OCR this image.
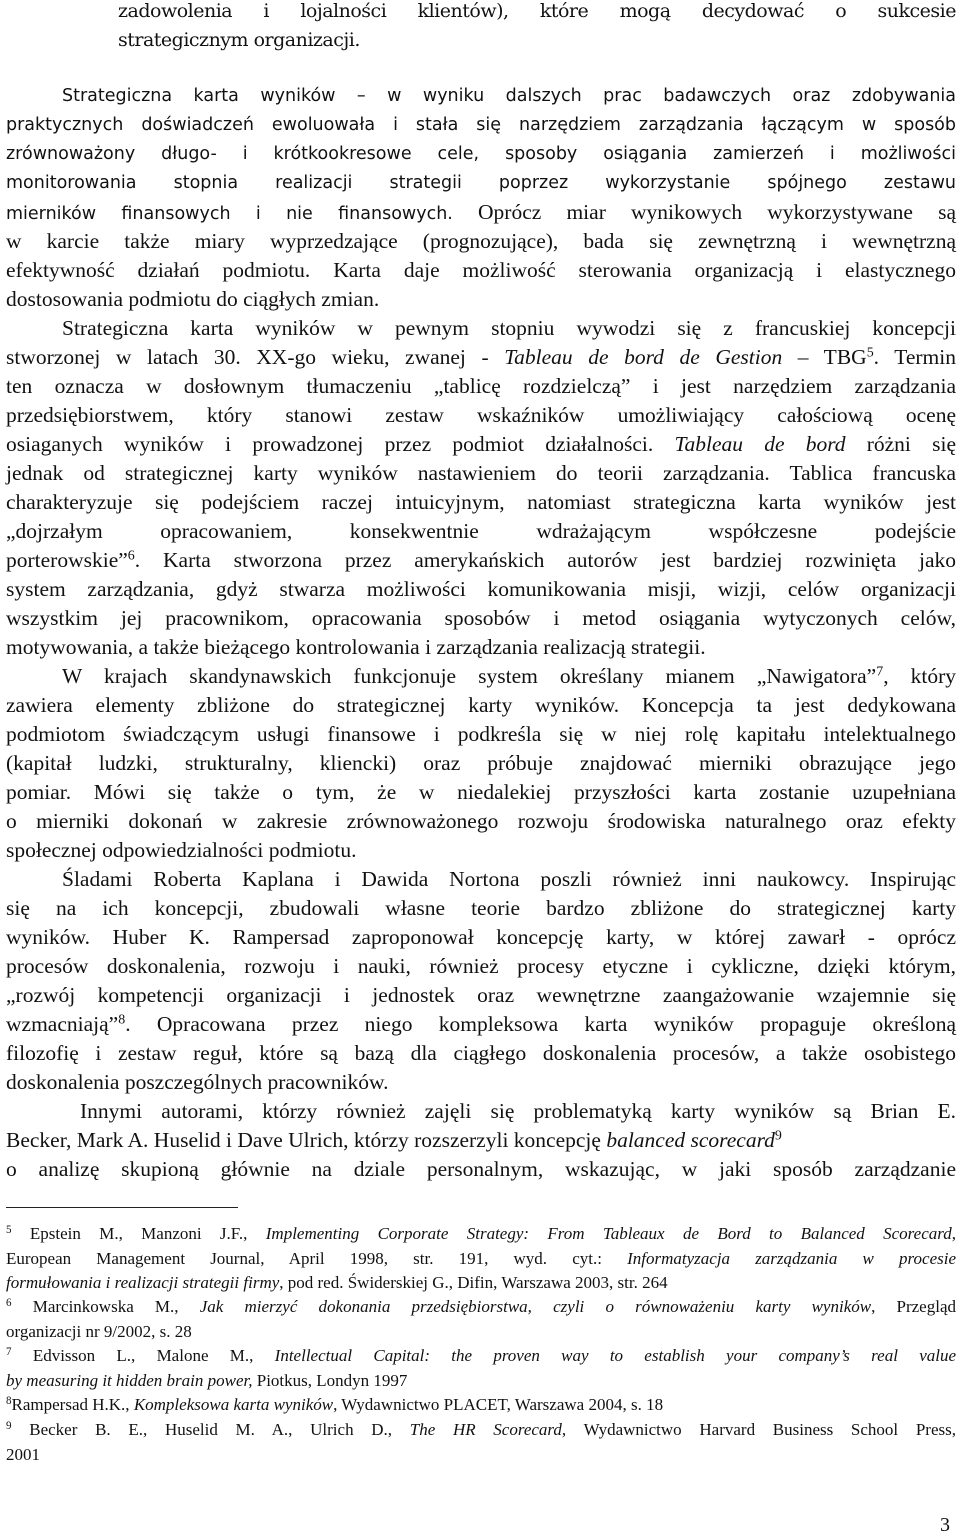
zadowolenia i lojalności klientów), które mogą decydować o sukcesie
strategicznym organizacji.
Strategiczna karta wyników – w wyniku dalszych prac badawczych oraz zdobywania
praktycznych doświadczeń ewoluowała i stała się narzędziem zarządzania łączącym w sposób
zrównoważony długo- i krótkookresowe cele, sposoby osiągania zamierzeń i możliwości
monitorowania stopnia realizacji strategii poprzez wykorzystanie spójnego zestawu
mierników finansowych i nie finansowych. Oprócz miar wynikowych wykorzystywane są
w karcie także miary wyprzedzające (prognozujące), bada się zewnętrzną i wewnętrzną
efektywność działań podmiotu. Karta daje możliwość sterowania organizacją i elastycznego
dostosowania podmiotu do ciągłych zmian.
Strategiczna karta wyników w pewnym stopniu wywodzi się z francuskiej koncepcji
stworzonej w latach 30. XX-go wieku, zwanej - Tableau de bord de Gestion – TBG$^5$. Termin
ten oznacza w dosłownym tłumaczeniu „tablicę rozdzielczą” i jest narzędziem zarządzania
przedsiębiorstwem, który stanowi zestaw wskaźników umożliwiający całościową ocenę
osiaganych wyników i prowadzonej przez podmiot działalności. Tableau de bord różni się
jednak od strategicznej karty wyników nastawieniem do teorii zarządzania. Tablica francuska
charakteryzuje się podejściem raczej intuicyjnym, natomiast strategiczna karta wyników jest
„dojrzałym opracowaniem, konsekwentnie wdrażającym współczesne podejście
porterowskie”$^6$. Karta stworzona przez amerykańskich autorów jest bardziej rozwinięta jako
system zarządzania, gdyż stwarza możliwości komunikowania misji, wizji, celów organizacji
wszystkim jej pracownikom, opracowania sposobów i metod osiągania wytyczonych celów,
motywowania, a także bieżącego kontrolowania i zarządzania realizacją strategii.
W krajach skandynawskich funkcjonuje system określany mianem „Nawigatora”$^7$, który
zawiera elementy zbliżone do strategicznej karty wyników. Koncepcja ta jest dedykowana
podmiotom świadczącym usługi finansowe i podkreśla się w niej rolę kapitału intelektualnego
(kapitał ludzki, strukturalny, kliencki) oraz próbuje znajdować mierniki obrazujące jego
pomiar. Mówi się także o tym, że w niedalekiej przyszłości karta zostanie uzupełniana
o mierniki dokonań w zakresie zrównoważonego rozwoju środowiska naturalnego oraz efekty
społecznej odpowiedzialności podmiotu.
Śladami Roberta Kaplana i Dawida Nortona poszli również inni naukowcy. Inspirując
się na ich koncepcji, zbudowali własne teorie bardzo zbliżone do strategicznej karty
wyników. Huber K. Rampersad zaproponował koncepcję karty, w której zawarł - oprócz
procesów doskonalenia, rozwoju i nauki, również procesy etyczne i cykliczne, dzięki którym,
„rozwój kompetencji organizacji i jednostek oraz wewnętrzne zaangażowanie wzajemnie się
wzmacniają”$^8$. Opracowana przez niego kompleksowa karta wyników propaguje określoną
filozofię i zestaw reguł, które są bazą dla ciągłego doskonalenia procesów, a także osobistego
doskonalenia poszczególnych pracowników.
Innymi autorami, którzy również zajęli się problematyką karty wyników są Brian E.
Becker, Mark A. Huselid i Dave Ulrich, którzy rozszerzyli koncepcję balanced scorecard$^9$
o analizę skupioną głównie na dziale personalnym, wskazując, w jaki sposób zarządzanie
$^5$ Epstein M., Manzoni J.F., Implementing Corporate Strategy: From Tableaux de Bord to Balanced Scorecard,
European Management Journal, April 1998, str. 191, wyd. cyt.: Informatyzacja zarządzania w procesie
formułowania i realizacji strategii firmy, pod red. Świderskiej G., Difin, Warszawa 2003, str. 264
$^6$ Marcinkowska M., Jak mierzyć dokonania przedsiębiorstwa, czyli o równoważeniu karty wyników, Przegląd
organizacji nr 9/2002, s. 28
$^7$ Edvisson L., Malone M., Intellectual Capital: the proven way to establish your company’s real value
by measuring it hidden brain power, Piotkus, Londyn 1997
$^8$Rampersad H.K., Kompleksowa karta wyników, Wydawnictwo PLACET, Warszawa 2004, s. 18
$^9$ Becker B. E., Huselid M. A., Ulrich D., The HR Scorecard, Wydawnictwo Harvard Business School Press,
2001
3
